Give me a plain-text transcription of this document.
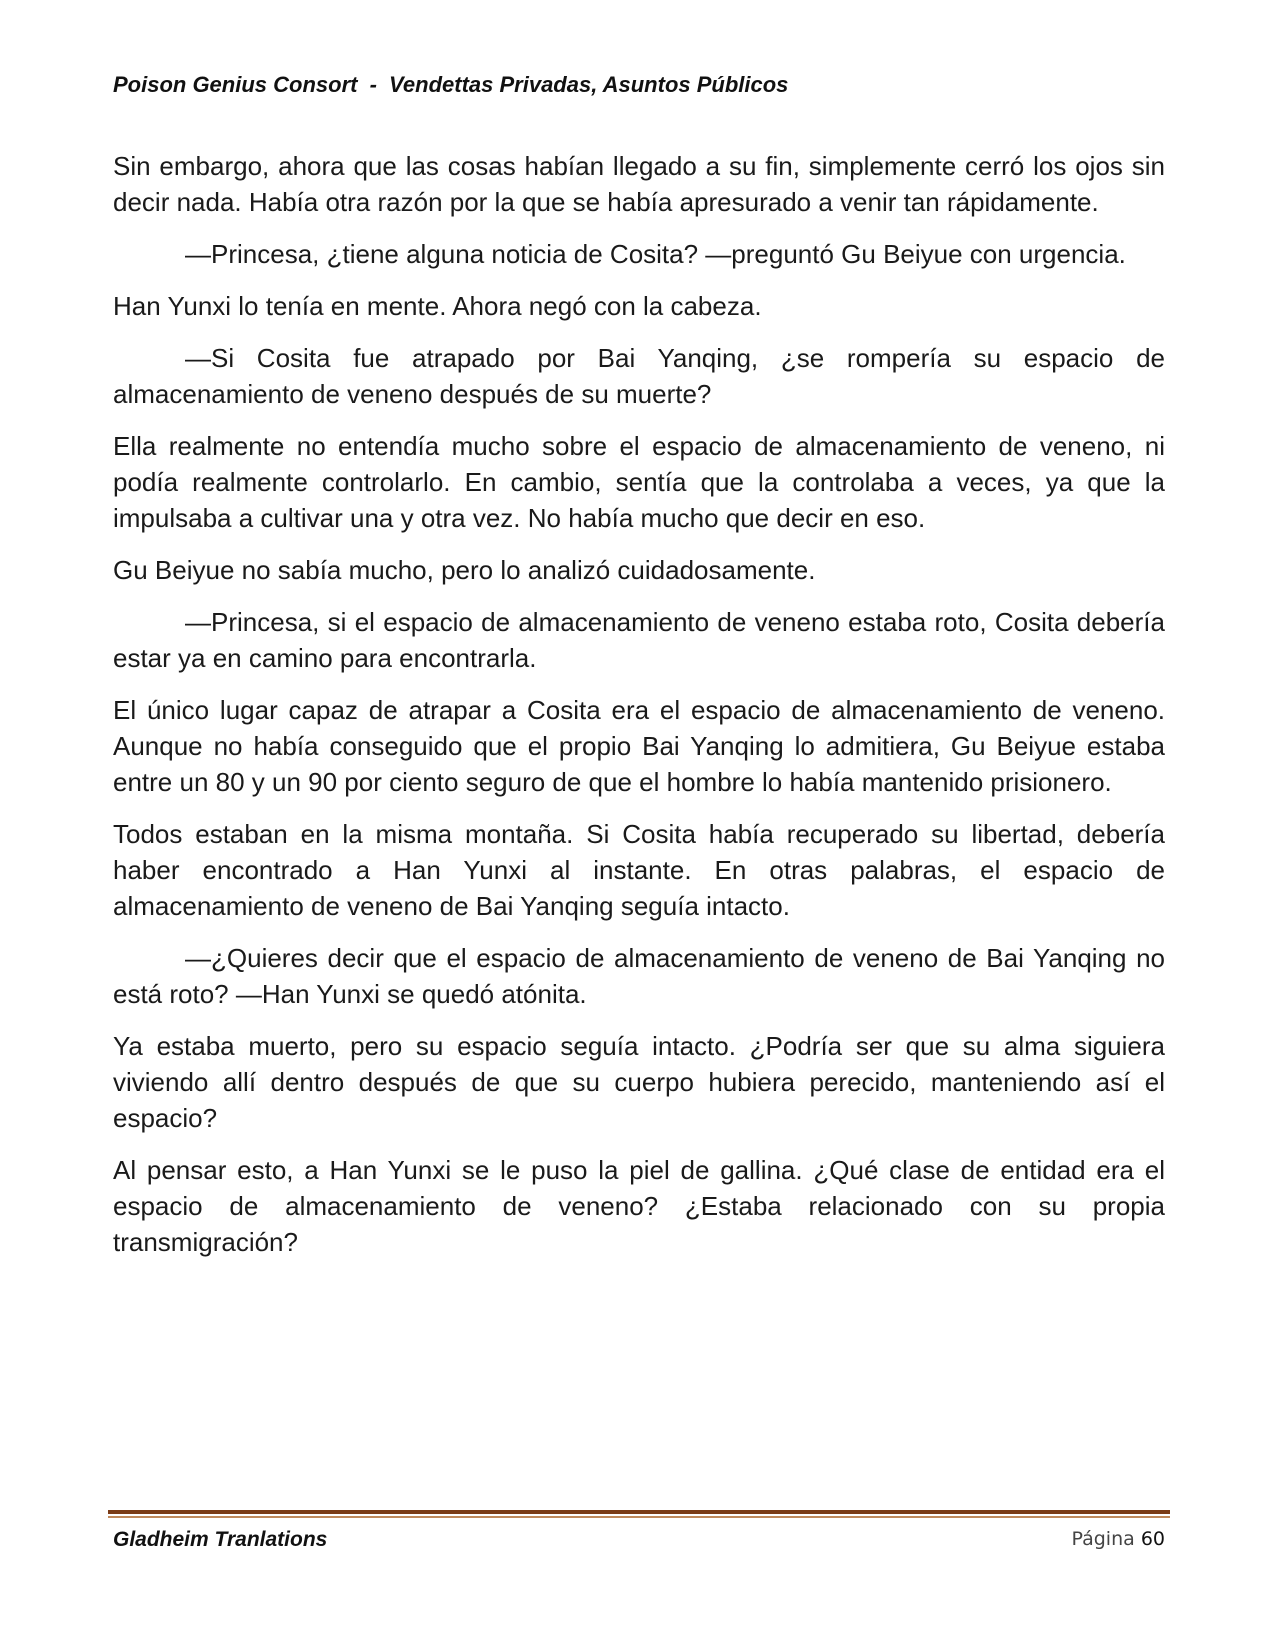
Poison Genius Consort - Vendettas Privadas, Asuntos Públicos

Sin embargo, ahora que las cosas habían llegado a su fin, simplemente cerró los ojos sin decir nada. Había otra razón por la que se había apresurado a venir tan rápidamente.

—Princesa, ¿tiene alguna noticia de Cosita? —preguntó Gu Beiyue con urgencia.

Han Yunxi lo tenía en mente. Ahora negó con la cabeza.

—Si Cosita fue atrapado por Bai Yanqing, ¿se rompería su espacio de almacenamiento de veneno después de su muerte?

Ella realmente no entendía mucho sobre el espacio de almacenamiento de veneno, ni podía realmente controlarlo. En cambio, sentía que la controlaba a veces, ya que la impulsaba a cultivar una y otra vez. No había mucho que decir en eso.

Gu Beiyue no sabía mucho, pero lo analizó cuidadosamente.

—Princesa, si el espacio de almacenamiento de veneno estaba roto, Cosita debería estar ya en camino para encontrarla.

El único lugar capaz de atrapar a Cosita era el espacio de almacenamiento de veneno. Aunque no había conseguido que el propio Bai Yanqing lo admitiera, Gu Beiyue estaba entre un 80 y un 90 por ciento seguro de que el hombre lo había mantenido prisionero.

Todos estaban en la misma montaña. Si Cosita había recuperado su libertad, debería haber encontrado a Han Yunxi al instante. En otras palabras, el espacio de almacenamiento de veneno de Bai Yanqing seguía intacto.

—¿Quieres decir que el espacio de almacenamiento de veneno de Bai Yanqing no está roto? —Han Yunxi se quedó atónita.

Ya estaba muerto, pero su espacio seguía intacto. ¿Podría ser que su alma siguiera viviendo allí dentro después de que su cuerpo hubiera perecido, manteniendo así el espacio?

Al pensar esto, a Han Yunxi se le puso la piel de gallina. ¿Qué clase de entidad era el espacio de almacenamiento de veneno? ¿Estaba relacionado con su propia transmigración?

Gladheim Tranlations	Página 60
